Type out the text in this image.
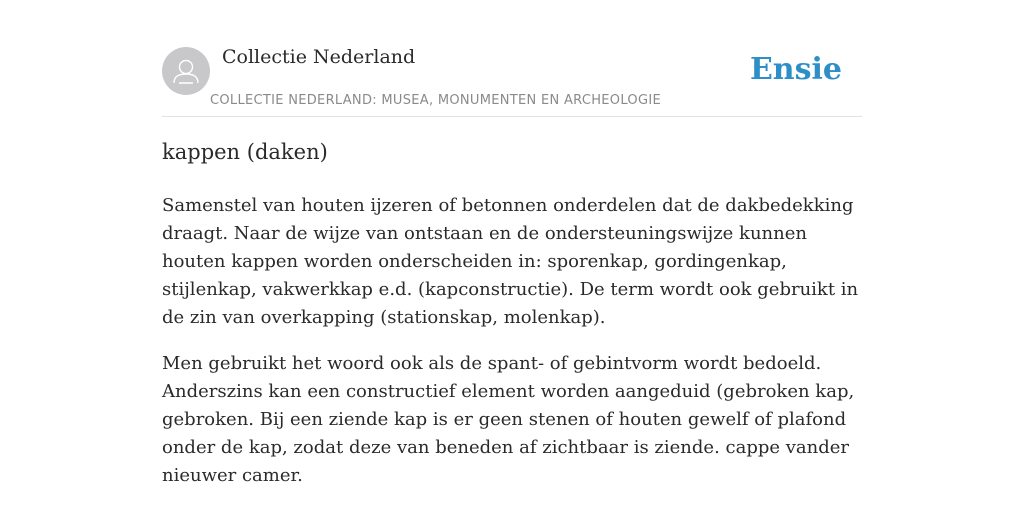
Collectie Nederland
COLLECTIE NEDERLAND: MUSEA, MONUMENTEN EN ARCHEOLOGIE
Ensie
kappen (daken)

Samenstel van houten ijzeren of betonnen onderdelen dat de dakbedekking draagt. Naar de wijze van ontstaan en de ondersteuningswijze kunnen houten kappen worden onderscheiden in: sporenkap, gordingenkap, stijlenkap, vakwerkkap e.d. (kapconstructie). De term wordt ook gebruikt in de zin van overkapping (stationskap, molenkap).

Men gebruikt het woord ook als de spant- of gebintvorm wordt bedoeld. Anderszins kan een constructief element worden aangeduid (gebroken kap, gebroken. Bij een ziende kap is er geen stenen of houten gewelf of plafond onder de kap, zodat deze van beneden af zichtbaar is ziende. cappe vander nieuwer camer.
